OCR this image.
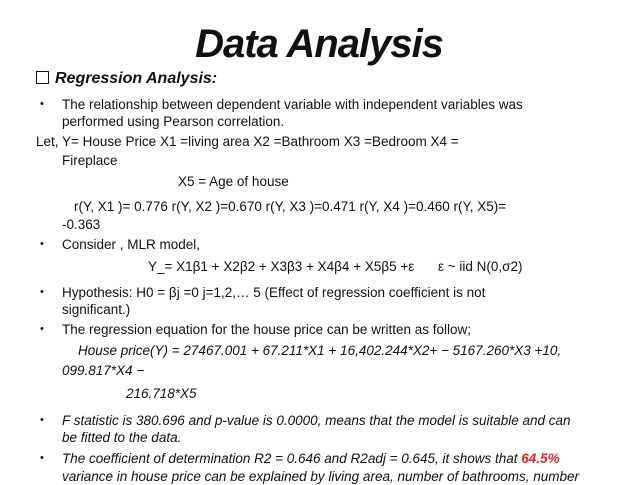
Data Analysis
Regression Analysis:
• The relationship between dependent variable with independent variables was
performed using Pearson correlation.
Let, Y= House Price X1 =living area X2 =Bathroom X3 =Bedroom X4 =
Fireplace
X5 = Age of house
r(Y, X1 )= 0.776 r(Y, X2 )=0.670 r(Y, X3 )=0.471 r(Y, X4 )=0.460 r(Y, X5)=
-0.363
• Consider , MLR model,
Y_= X1β1 + X2β2 + X3β3 + X4β4 + X5β5 +ε ε ~ iid N(0,σ2)
• Hypothesis: H0 = βj =0 j=1,2,… 5 (Effect of regression coefficient is not
significant.)
• The regression equation for the house price can be written as follow;
House price(Y) = 27467.001 + 67.211*X1 + 16,402.244*X2+ − 5167.260*X3 +10,
099.817*X4 −
216.718*X5
• F statistic is 380.696 and p-value is 0.0000, means that the model is suitable and can
be fitted to the data.
• The coefficient of determination R2 = 0.646 and R2adj = 0.645, it shows that 64.5%
variance in house price can be explained by living area, number of bathrooms, number
